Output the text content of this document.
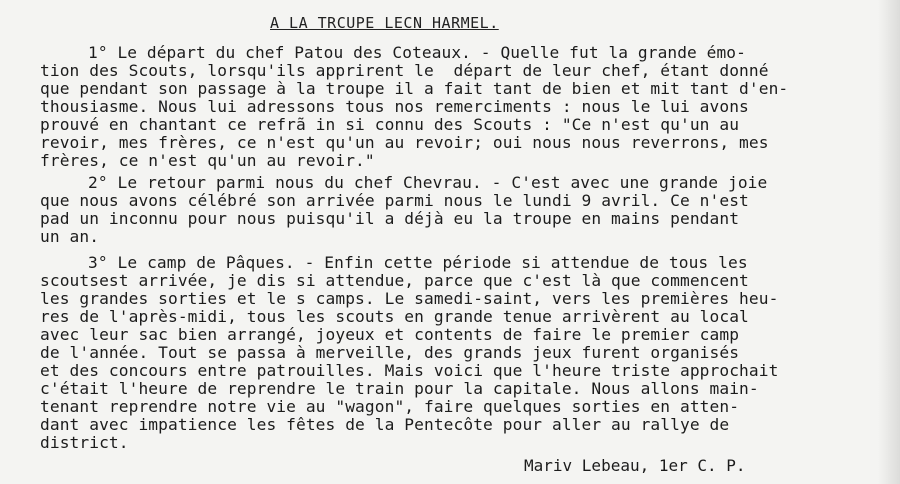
A LA TRCUPE LECN HARMEL.
1° Le départ du chef Patou des Coteaux. - Quelle fut la grande émo-
tion des Scouts, lorsqu'ils apprirent le  départ de leur chef, étant donné
que pendant son passage à la troupe il a fait tant de bien et mit tant d'en-
thousiasme. Nous lui adressons tous nos remerciments : nous le lui avons
prouvé en chantant ce refrã in si connu des Scouts : "Ce n'est qu'un au
revoir, mes frères, ce n'est qu'un au revoir; oui nous nous reverrons, mes
frères, ce n'est qu'un au revoir."
2° Le retour parmi nous du chef Chevrau. - C'est avec une grande joie
que nous avons célébré son arrivée parmi nous le lundi 9 avril. Ce n'est
pad un inconnu pour nous puisqu'il a déjà eu la troupe en mains pendant
un an.
3° Le camp de Pâques. - Enfin cette période si attendue de tous les
scoutsest arrivée, je dis si attendue, parce que c'est là que commencent
les grandes sorties et le s camps. Le samedi-saint, vers les premières heu-
res de l'après-midi, tous les scouts en grande tenue arrivèrent au local
avec leur sac bien arrangé, joyeux et contents de faire le premier camp
de l'année. Tout se passa à merveille, des grands jeux furent organisés
et des concours entre patrouilles. Mais voici que l'heure triste approchait
c'était l'heure de reprendre le train pour la capitale. Nous allons main-
tenant reprendre notre vie au "wagon", faire quelques sorties en atten-
dant avec impatience les fêtes de la Pentecôte pour aller au rallye de
district.
Mariv Lebeau, 1er C. P.
